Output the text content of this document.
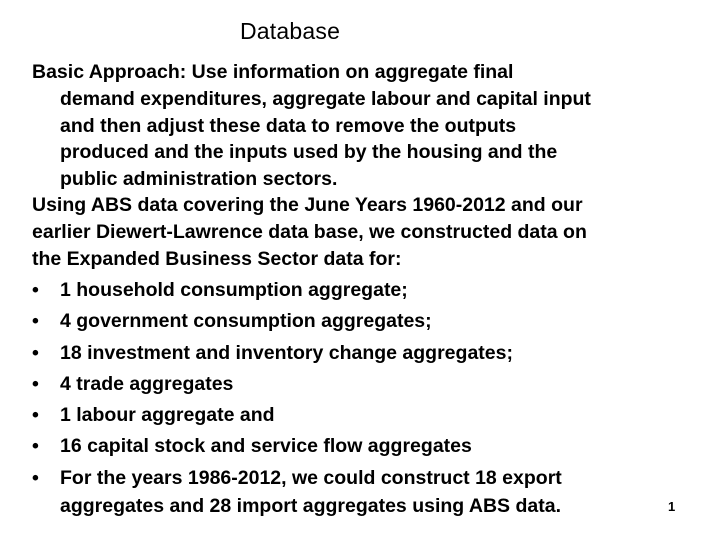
Database
Basic Approach: Use information on aggregate final
demand expenditures, aggregate labour and capital input
and then adjust these data to remove the outputs
produced and the inputs used by the housing and the
public administration sectors.
Using ABS data covering the June Years 1960-2012 and our
earlier Diewert-Lawrence data base, we constructed data on
the Expanded Business Sector data for:
• 1 household consumption aggregate;
• 4 government consumption aggregates;
• 18 investment and inventory change aggregates;
• 4 trade aggregates
• 1 labour aggregate and
• 16 capital stock and service flow aggregates
• For the years 1986-2012, we could construct 18 export
aggregates and 28 import aggregates using ABS data.	1
